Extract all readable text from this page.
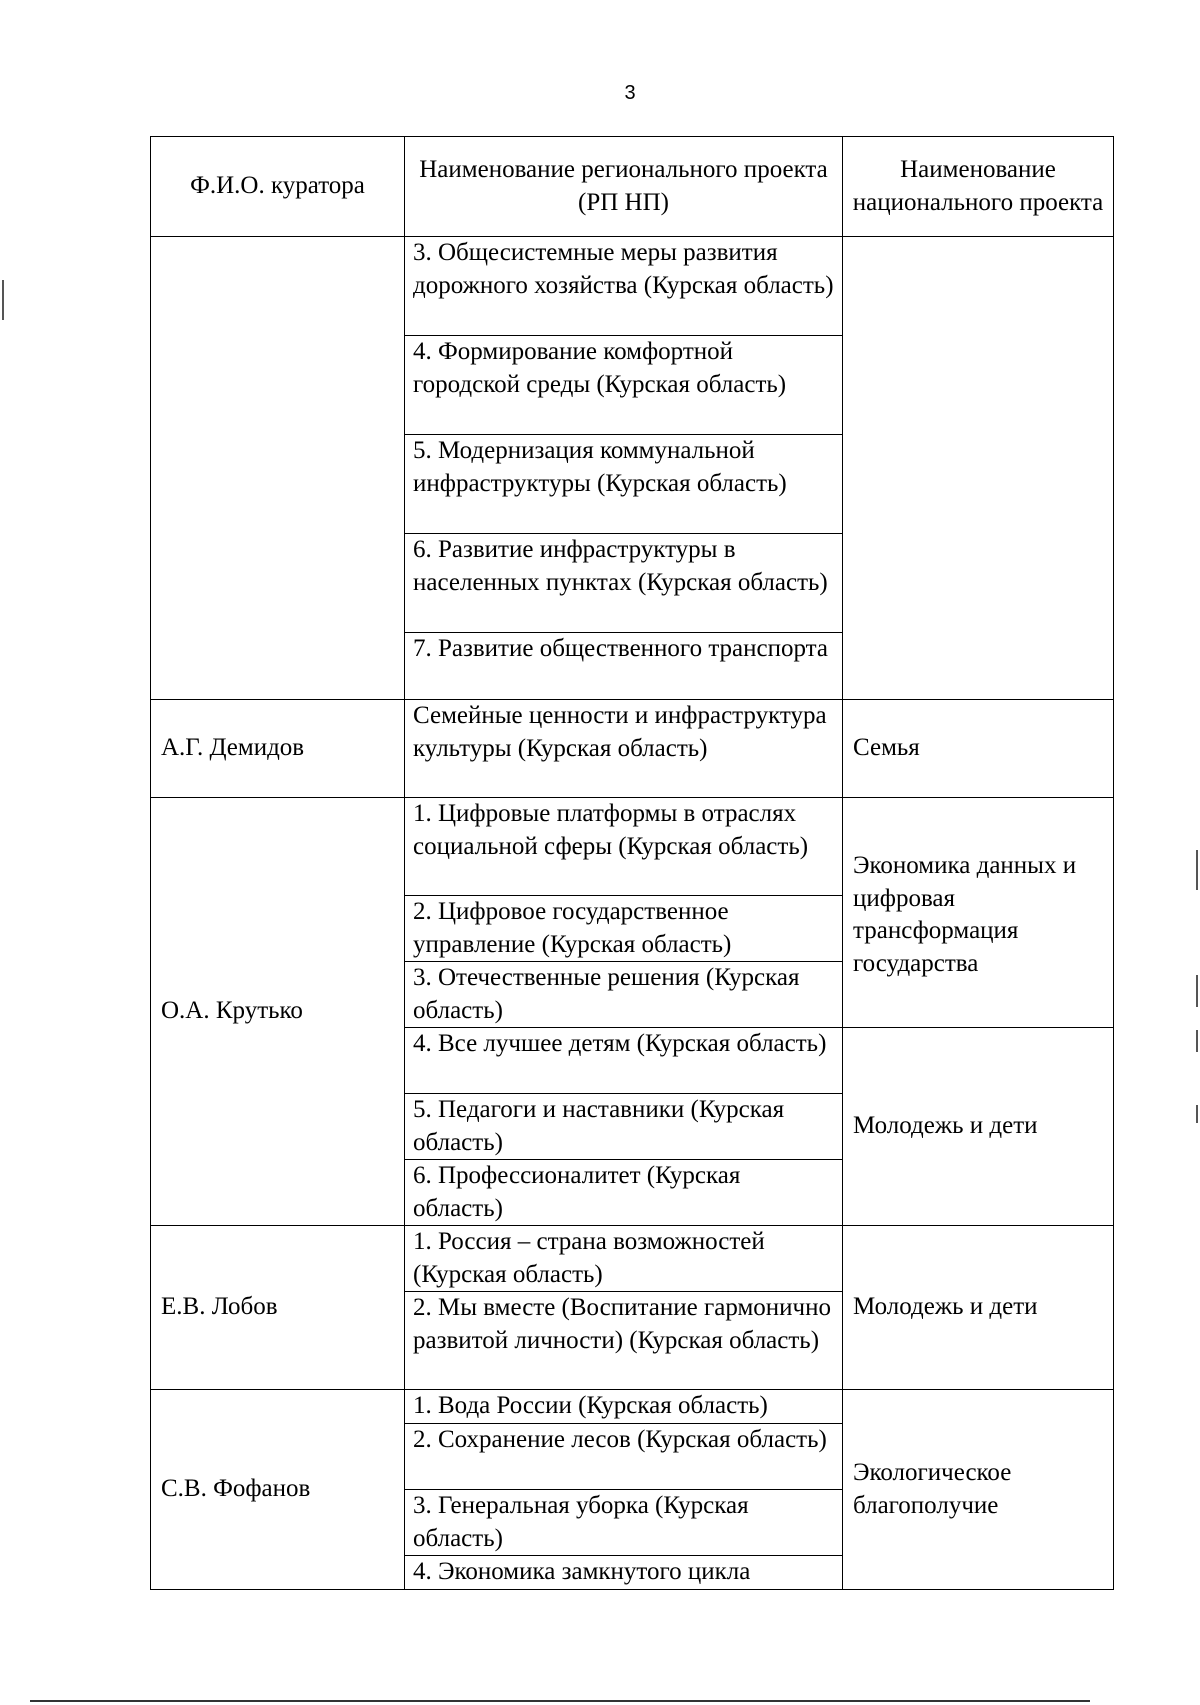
3
Ф.И.О. куратора	Наименование регионального проекта (РП НП)	Наименование национального проекта
	3. Общесистемные меры развития дорожного хозяйства (Курская область)	
	4. Формирование комфортной городской среды (Курская область)	
	5. Модернизация коммунальной инфраструктуры (Курская область)	
	6. Развитие инфраструктуры в населенных пунктах (Курская область)	
	7. Развитие общественного транспорта	
А.Г. Демидов	Семейные ценности и инфраструктура культуры (Курская область)	Семья
О.А. Крутько	1. Цифровые платформы в отраслях социальной сферы (Курская область)	Экономика данных и цифровая трансформация государства
	2. Цифровое государственное управление (Курская область)	
	3. Отечественные решения (Курская область)	
	4. Все лучшее детям (Курская область)	Молодежь и дети
	5. Педагоги и наставники (Курская область)	
	6. Профессионалитет (Курская область)	
Е.В. Лобов	1. Россия – страна возможностей (Курская область)	Молодежь и дети
	2. Мы вместе (Воспитание гармонично развитой личности) (Курская область)	
С.В. Фофанов	1. Вода России (Курская область)	Экологическое благополучие
	2. Сохранение лесов (Курская область)	
	3. Генеральная уборка (Курская область)	
	4. Экономика замкнутого цикла	
